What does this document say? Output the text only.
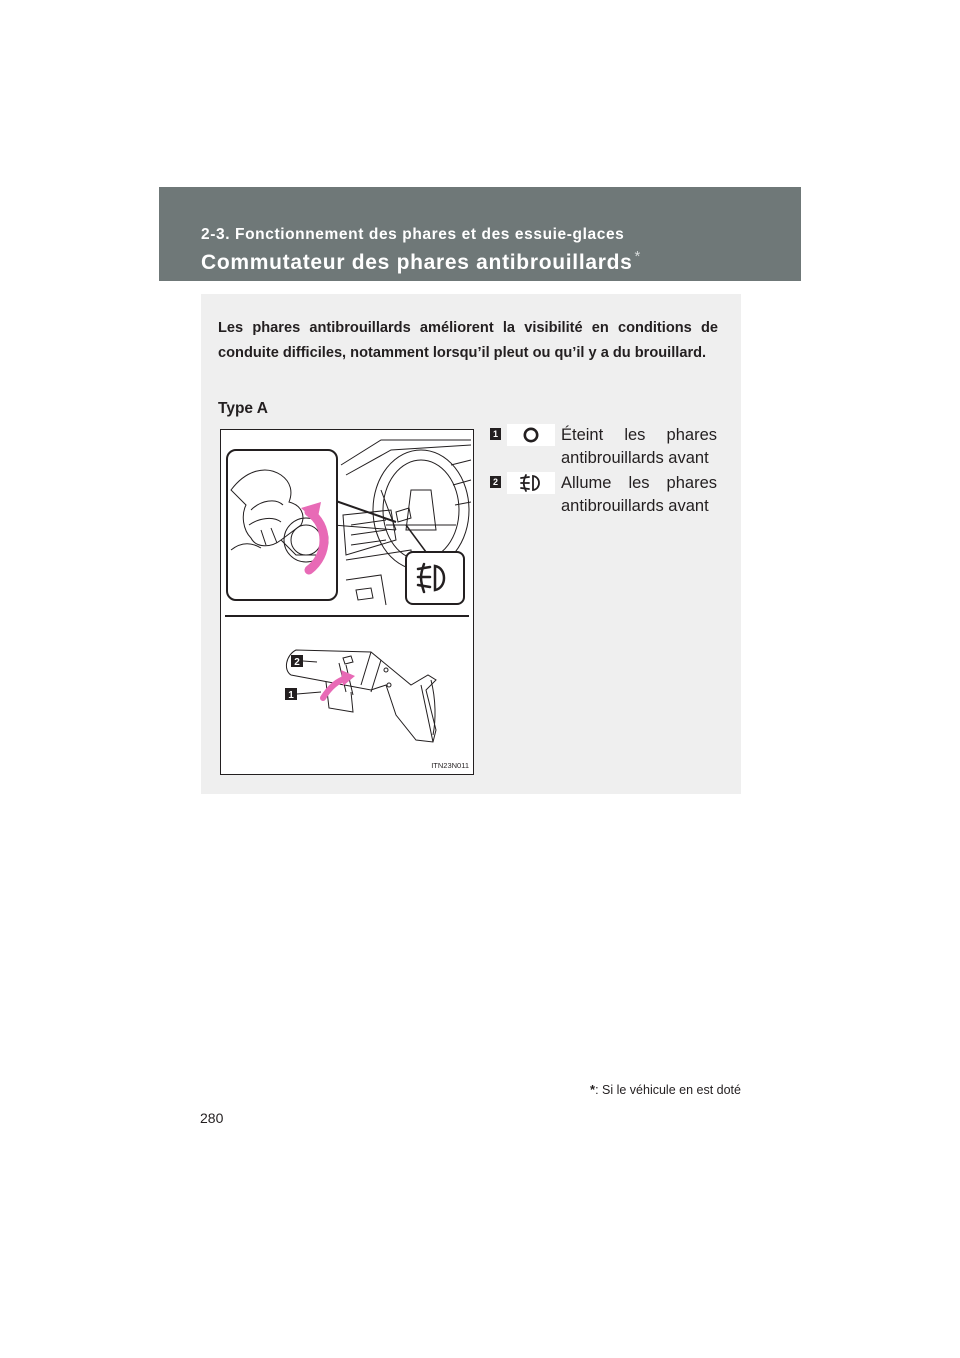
2-3. Fonctionnement des phares et des essuie-glaces
Commutateur des phares antibrouillards *
Les phares antibrouillards améliorent la visibilité en conditions de conduite difficiles, notamment lorsqu’il pleut ou qu’il y a du brouillard.
Type A
2
1
ITN23N011
1	Éteint les phares antibrouillards avant
2	Allume les phares antibrouillards avant
*: Si le véhicule en est doté
280
